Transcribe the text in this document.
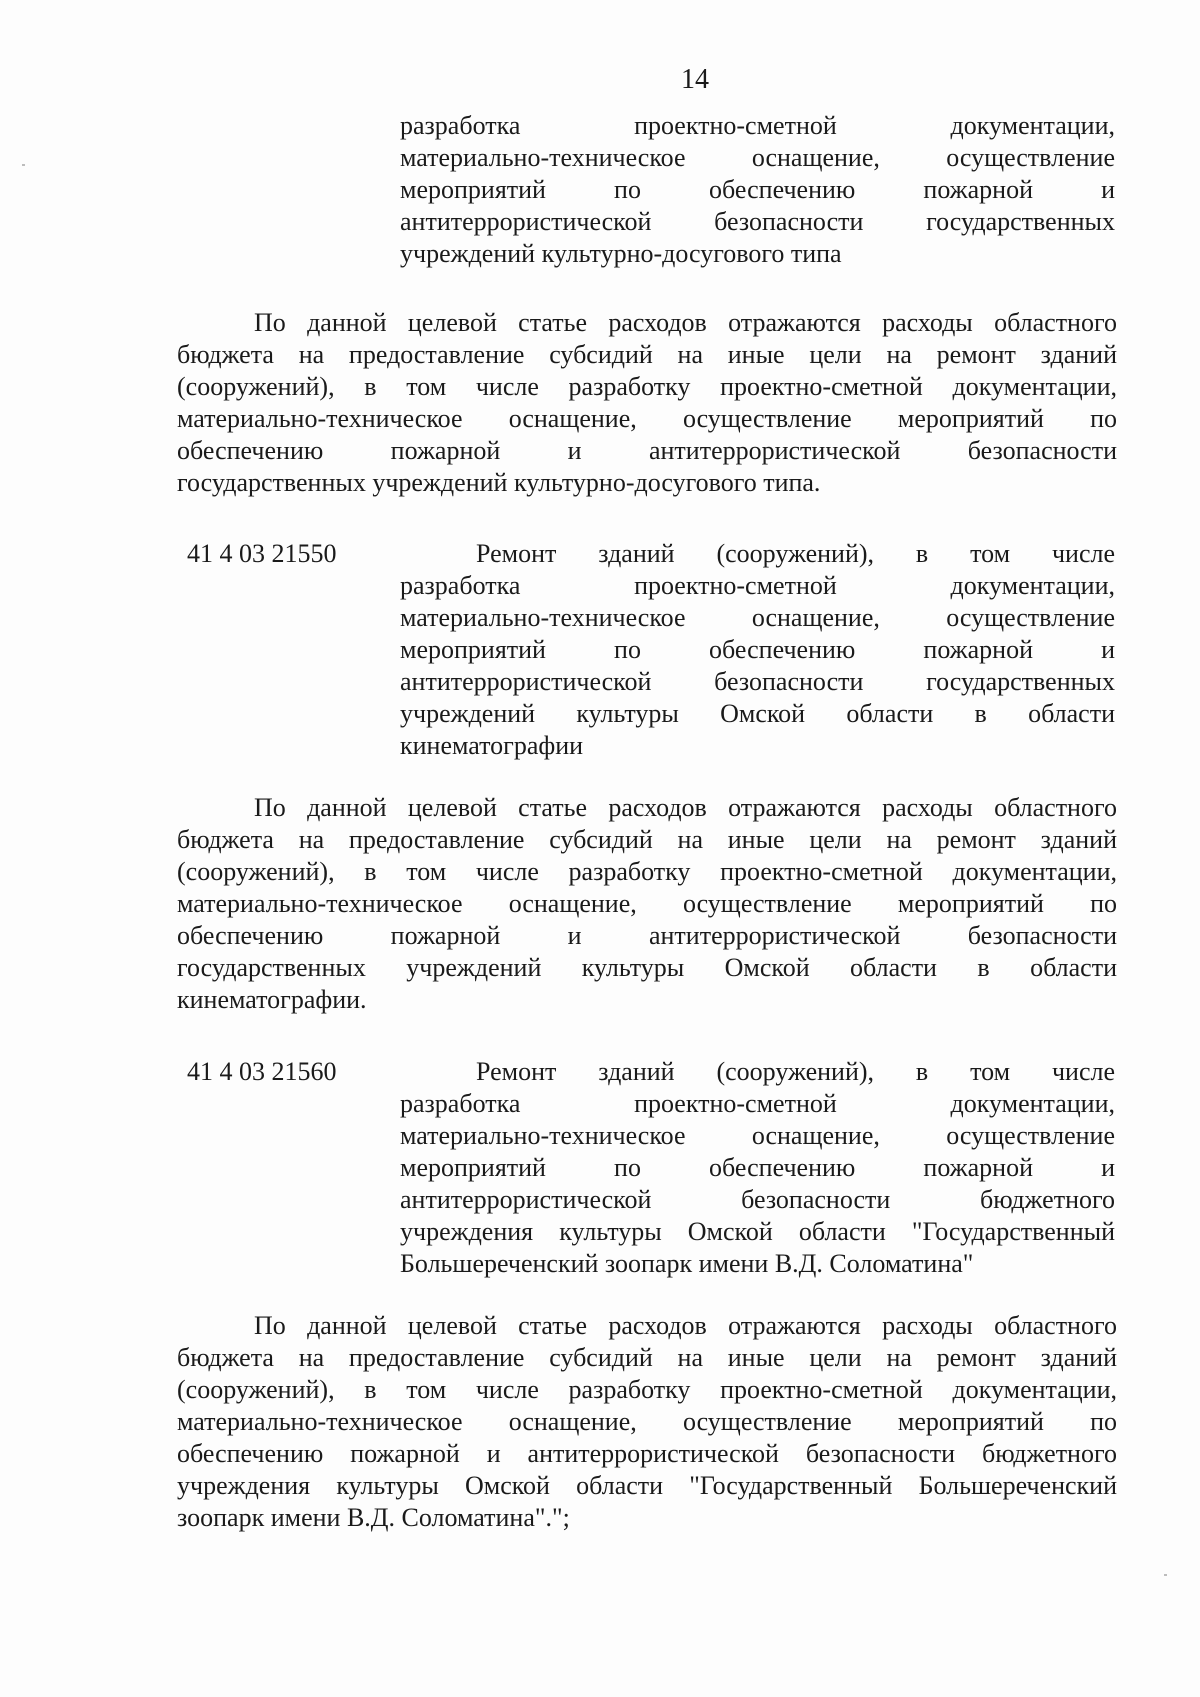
14
разработка проектно-сметной документации,
материально-техническое оснащение, осуществление
мероприятий по обеспечению пожарной и
антитеррористической безопасности государственных
учреждений культурно-досугового типа
По данной целевой статье расходов отражаются расходы областного
бюджета на предоставление субсидий на иные цели на ремонт зданий
(сооружений), в том числе разработку проектно-сметной документации,
материально-техническое оснащение, осуществление мероприятий по
обеспечению пожарной и антитеррористической безопасности
государственных учреждений культурно-досугового типа.
41 4 03 21550	Ремонт зданий (сооружений), в том числе
разработка проектно-сметной документации,
материально-техническое оснащение, осуществление
мероприятий по обеспечению пожарной и
антитеррористической безопасности государственных
учреждений культуры Омской области в области
кинематографии
По данной целевой статье расходов отражаются расходы областного
бюджета на предоставление субсидий на иные цели на ремонт зданий
(сооружений), в том числе разработку проектно-сметной документации,
материально-техническое оснащение, осуществление мероприятий по
обеспечению пожарной и антитеррористической безопасности
государственных учреждений культуры Омской области в области
кинематографии.
41 4 03 21560	Ремонт зданий (сооружений), в том числе
разработка проектно-сметной документации,
материально-техническое оснащение, осуществление
мероприятий по обеспечению пожарной и
антитеррористической безопасности бюджетного
учреждения культуры Омской области "Государственный
Большереченский зоопарк имени В.Д. Соломатина"
По данной целевой статье расходов отражаются расходы областного
бюджета на предоставление субсидий на иные цели на ремонт зданий
(сооружений), в том числе разработку проектно-сметной документации,
материально-техническое оснащение, осуществление мероприятий по
обеспечению пожарной и антитеррористической безопасности бюджетного
учреждения культуры Омской области "Государственный Большереченский
зоопарк имени В.Д. Соломатина".";
